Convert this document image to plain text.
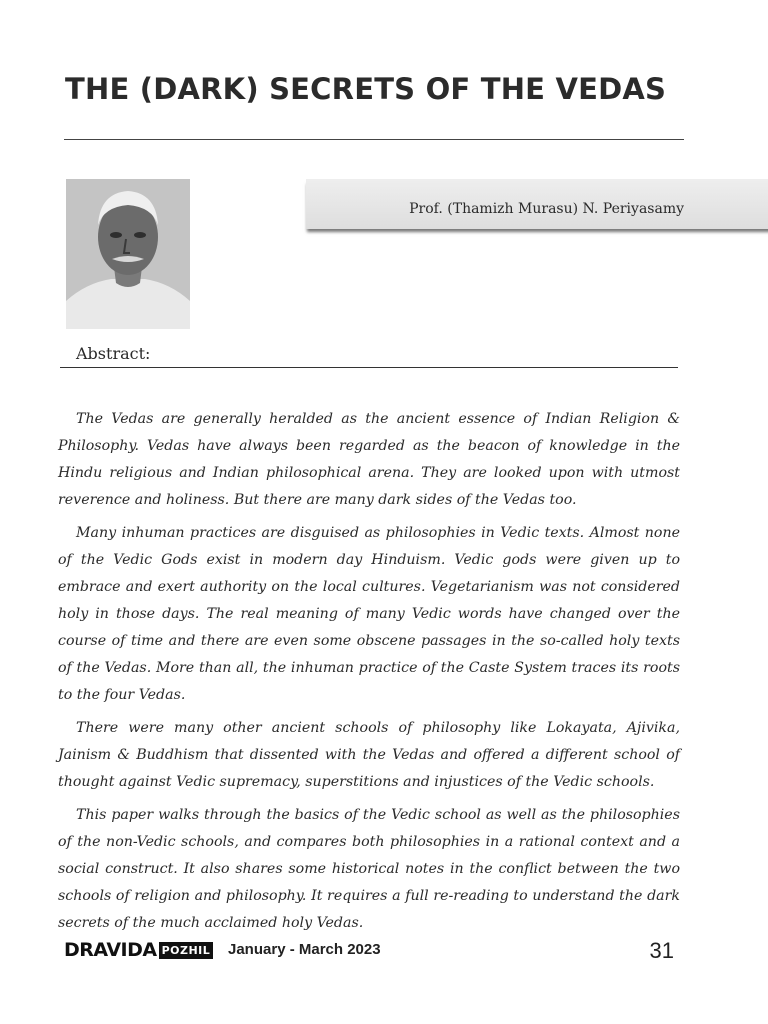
THE (DARK) SECRETS OF THE VEDAS
Prof. (Thamizh Murasu) N. Periyasamy
Abstract:

The Vedas are generally heralded as the ancient essence of Indian Religion & Philosophy. Vedas have always been regarded as the beacon of knowledge in the Hindu religious and Indian philosophical arena. They are looked upon with utmost reverence and holiness. But there are many dark sides of the Vedas too.

Many inhuman practices are disguised as philosophies in Vedic texts. Almost none of the Vedic Gods exist in modern day Hinduism. Vedic gods were given up to embrace and exert authority on the local cultures. Vegetarianism was not considered holy in those days. The real meaning of many Vedic words have changed over the course of time and there are even some obscene passages in the so-called holy texts of the Vedas. More than all, the inhuman practice of the Caste System traces its roots to the four Vedas.

There were many other ancient schools of philosophy like Lokayata, Ajivika, Jainism & Buddhism that dissented with the Vedas and offered a different school of thought against Vedic supremacy, superstitions and injustices of the Vedic schools.

This paper walks through the basics of the Vedic school as well as the philosophies of the non-Vedic schools, and compares both philosophies in a rational context and a social construct. It also shares some historical notes in the conflict between the two schools of religion and philosophy. It requires a full re-reading to understand the dark secrets of the much acclaimed holy Vedas.

DRAVIDA POZHIL January - March 2023	31
